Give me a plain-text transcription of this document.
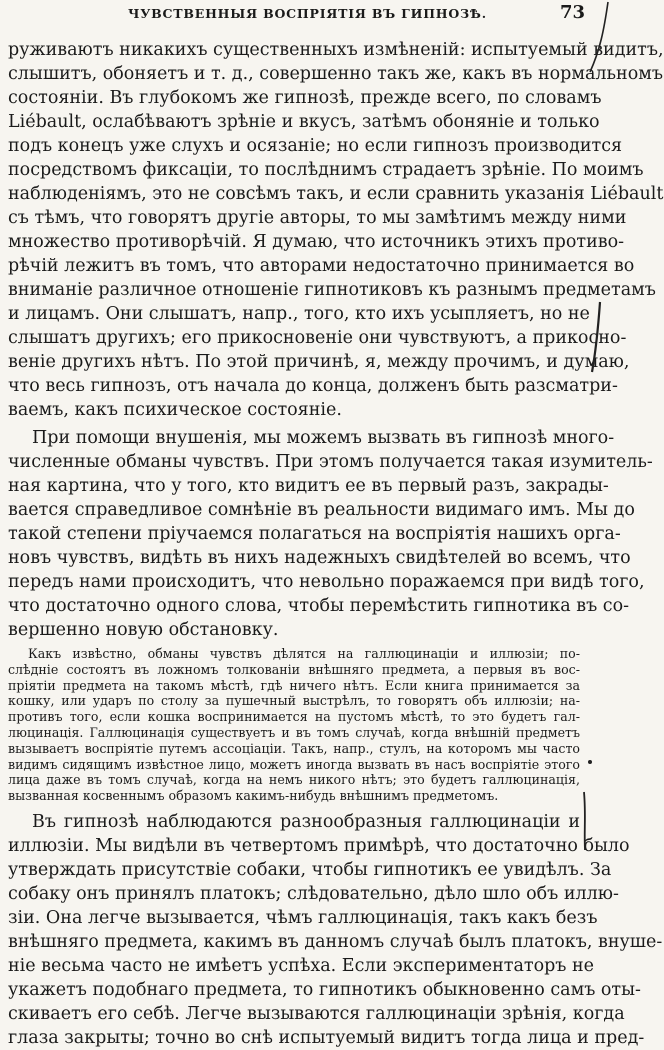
ЧУВСТВЕННЫЯ ВОСПРІЯТІЯ ВЪ ГИПНОЗѢ.	73
руживаютъ никакихъ существенныхъ измѣненій: испытуемый видитъ,
слышитъ, обоняетъ и т. д., совершенно такъ же, какъ въ нормальномъ
состояніи. Въ глубокомъ же гипнозѣ, прежде всего, по словамъ
Liébault, ослабѣваютъ зрѣніе и вкусъ, затѣмъ обоняніе и только
подъ конецъ уже слухъ и осязаніе; но если гипнозъ производится
посредствомъ фиксаціи, то послѣднимъ страдаетъ зрѣніе. По моимъ
наблюденіямъ, это не совсѣмъ такъ, и если сравнить указанія Liébault
съ тѣмъ, что говорятъ другіе авторы, то мы замѣтимъ между ними
множество противорѣчій. Я думаю, что источникъ этихъ противо-
рѣчій лежитъ въ томъ, что авторами недостаточно принимается во
вниманіе различное отношеніе гипнотиковъ къ разнымъ предметамъ
и лицамъ. Они слышатъ, напр., того, кто ихъ усыпляетъ, но не
слышатъ другихъ; его прикосновеніе они чувствуютъ, а прикосно-
веніе другихъ нѣтъ. По этой причинѣ, я, между прочимъ, и думаю,
что весь гипнозъ, отъ начала до конца, долженъ быть разсматри-
ваемъ, какъ психическое состояніе.
При помощи внушенія, мы можемъ вызвать въ гипнозѣ много-
численные обманы чувствъ. При этомъ получается такая изумитель-
ная картина, что у того, кто видитъ ее въ первый разъ, закрады-
вается справедливое сомнѣніе въ реальности видимаго имъ. Мы до
такой степени пріучаемся полагаться на воспріятія нашихъ орга-
новъ чувствъ, видѣть въ нихъ надежныхъ свидѣтелей во всемъ, что
передъ нами происходитъ, что невольно поражаемся при видѣ того,
что достаточно одного слова, чтобы перемѣстить гипнотика въ со-
вершенно новую обстановку.
Какъ извѣстно, обманы чувствъ дѣлятся на галлюцинаціи и иллюзіи; по-
слѣдніе состоятъ въ ложномъ толкованіи внѣшняго предмета, а первыя въ вос-
пріятіи предмета на такомъ мѣстѣ, гдѣ ничего нѣтъ. Если книга принимается за
кошку, или ударъ по столу за пушечный выстрѣлъ, то говорятъ объ иллюзіи; на-
противъ того, если кошка воспринимается на пустомъ мѣстѣ, то это будетъ гал-
люцинація. Галлюцинація существуетъ и въ томъ случаѣ, когда внѣшній предметъ
вызываетъ воспріятіе путемъ ассоціаціи. Такъ, напр., стулъ, на которомъ мы часто
видимъ сидящимъ извѣстное лицо, можетъ иногда вызвать въ насъ воспріятіе этого
лица даже въ томъ случаѣ, когда на немъ никого нѣтъ; это будетъ галлюцинація,
вызванная косвеннымъ образомъ какимъ-нибудь внѣшнимъ предметомъ.
Въ гипнозѣ наблюдаются разнообразныя галлюцинаціи и
иллюзіи. Мы видѣли въ четвертомъ примѣрѣ, что достаточно было
утверждать присутствіе собаки, чтобы гипнотикъ ее увидѣлъ. За
собаку онъ принялъ платокъ; слѣдовательно, дѣло шло объ иллю-
зіи. Она легче вызывается, чѣмъ галлюцинація, такъ какъ безъ
внѣшняго предмета, какимъ въ данномъ случаѣ былъ платокъ, внуше-
ніе весьма часто не имѣетъ успѣха. Если экспериментаторъ не
укажетъ подобнаго предмета, то гипнотикъ обыкновенно самъ оты-
скиваетъ его себѣ. Легче вызываются галлюцинаціи зрѣнія, когда
глаза закрыты; точно во снѣ испытуемый видитъ тогда лица и пред-
